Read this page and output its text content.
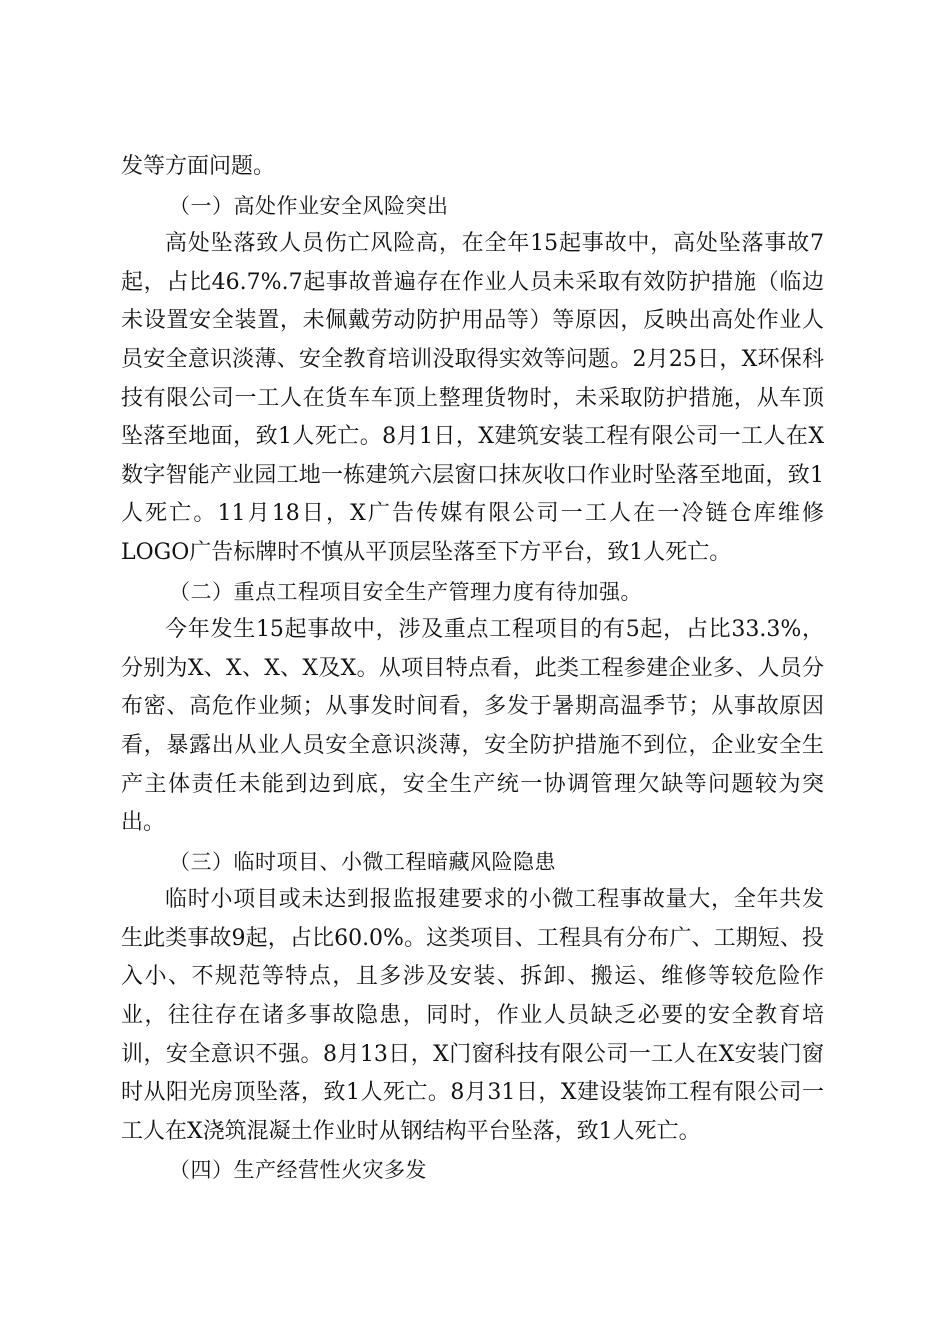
发等方面问题。

（一）高处作业安全风险突出

高处坠落致人员伤亡风险高，在全年15起事故中，高处坠落事故7起，占比46.7%.7起事故普遍存在作业人员未采取有效防护措施（临边未设置安全装置，未佩戴劳动防护用品等）等原因，反映出高处作业人员安全意识淡薄、安全教育培训没取得实效等问题。2月25日，X环保科技有限公司一工人在货车车顶上整理货物时，未采取防护措施，从车顶坠落至地面，致1人死亡。8月1日，X建筑安装工程有限公司一工人在X数字智能产业园工地一栋建筑六层窗口抹灰收口作业时坠落至地面，致1人死亡。11月18日，X广告传媒有限公司一工人在一冷链仓库维修LOGO广告标牌时不慎从平顶层坠落至下方平台，致1人死亡。

（二）重点工程项目安全生产管理力度有待加强。

今年发生15起事故中，涉及重点工程项目的有5起，占比33.3%，分别为X、X、X、X及X。从项目特点看，此类工程参建企业多、人员分布密、高危作业频；从事发时间看，多发于暑期高温季节；从事故原因看，暴露出从业人员安全意识淡薄，安全防护措施不到位，企业安全生产主体责任未能到边到底，安全生产统一协调管理欠缺等问题较为突出。

（三）临时项目、小微工程暗藏风险隐患

临时小项目或未达到报监报建要求的小微工程事故量大，全年共发生此类事故9起，占比60.0%。这类项目、工程具有分布广、工期短、投入小、不规范等特点，且多涉及安装、拆卸、搬运、维修等较危险作业，往往存在诸多事故隐患，同时，作业人员缺乏必要的安全教育培训，安全意识不强。8月13日，X门窗科技有限公司一工人在X安装门窗时从阳光房顶坠落，致1人死亡。8月31日，X建设装饰工程有限公司一工人在X浇筑混凝土作业时从钢结构平台坠落，致1人死亡。

（四）生产经营性火灾多发
